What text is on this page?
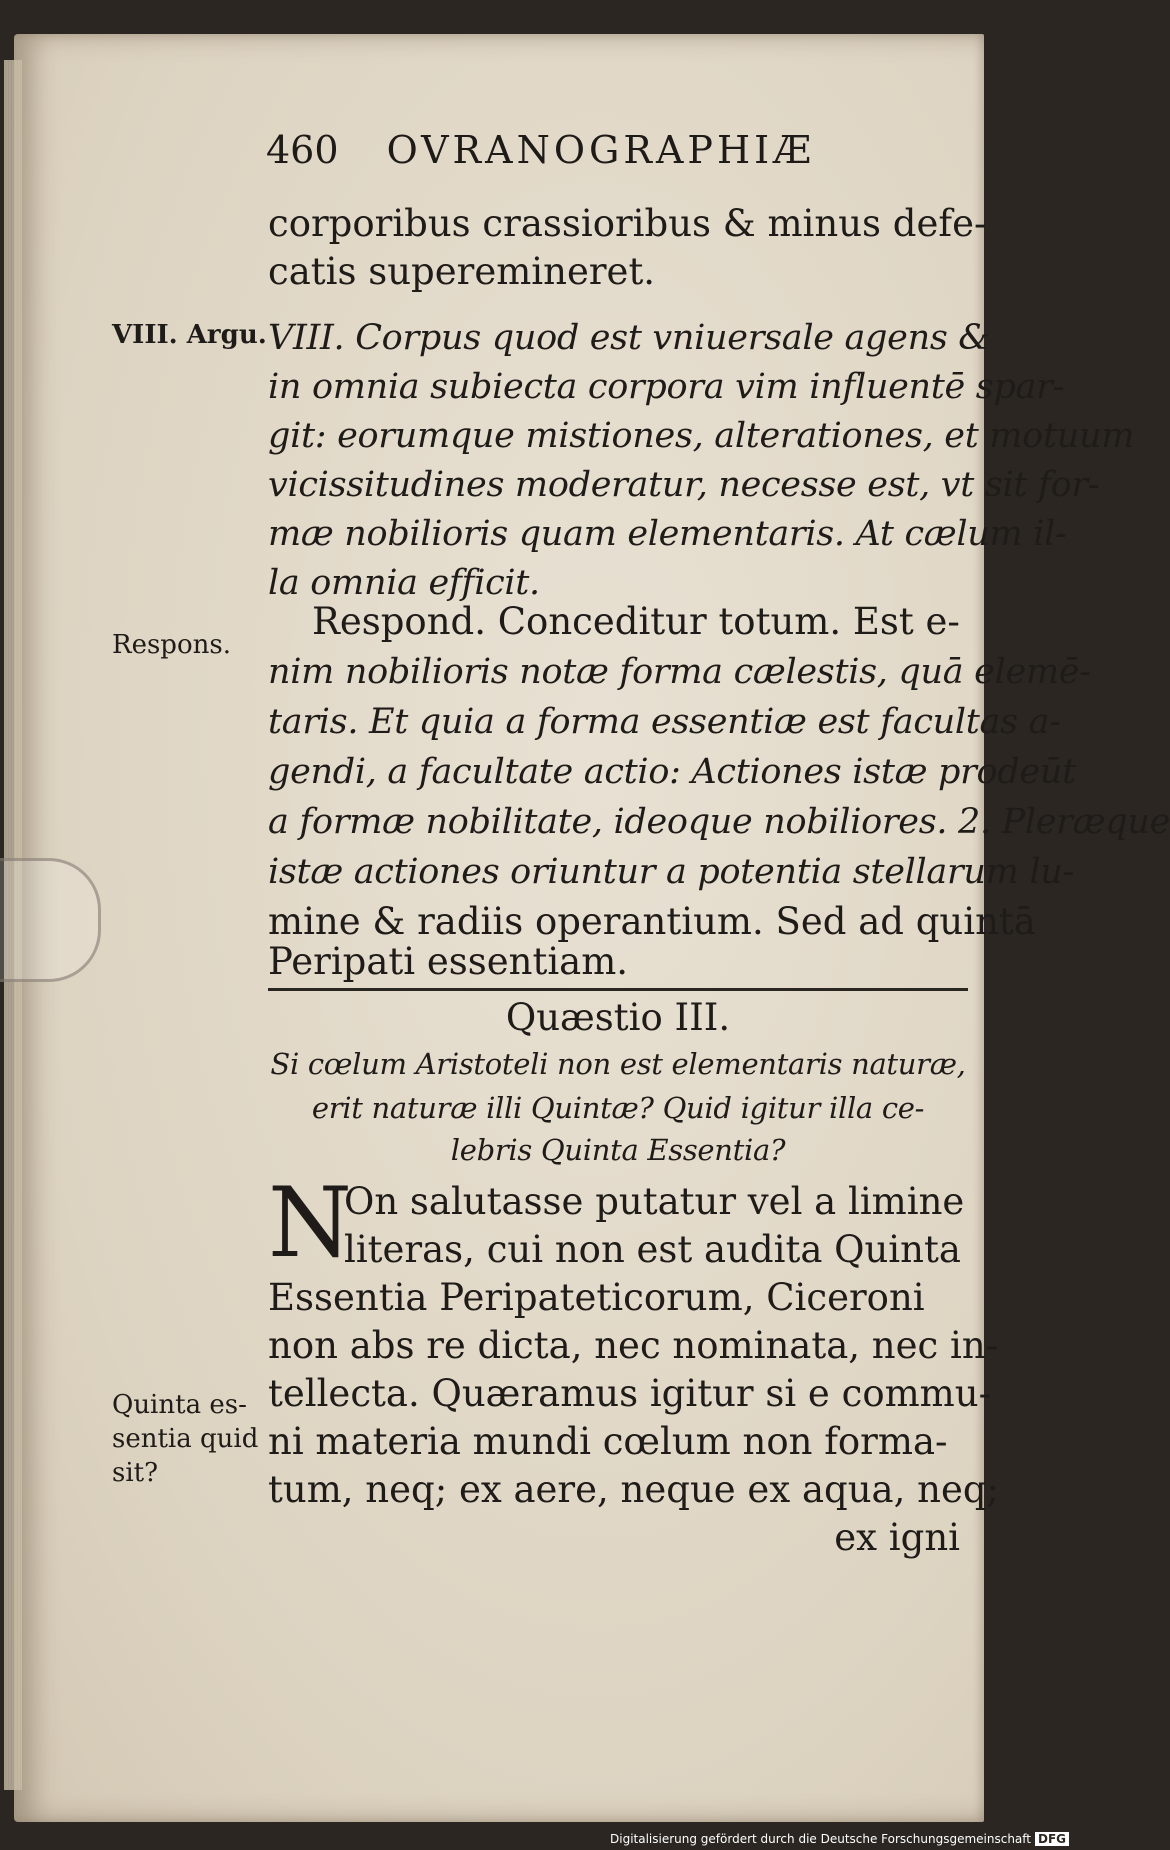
460 OVRANOGRAPHIÆ
corporibus crassioribus & minus defe-
catis superemineret.
VIII. Argu. VIII. Corpus quod est vniuersale agens &
in omnia subiecta corpora vim influentē spar-
git: eorumque mistiones, alterationes, et motuum
vicissitudines moderatur, necesse est, vt sit for-
mæ nobilioris quam elementaris. At cælum il-
la omnia efficit.
Respons.
Respond. Conceditur totum. Est e-
nim nobilioris notæ forma cælestis, quā elemē-
taris. Et quia a forma essentiæ est facultas a-
gendi, a facultate actio: Actiones istæ prodeūt
a formæ nobilitate, ideoque nobiliores. 2. Pleræque
istæ actiones oriuntur a potentia stellarum lu-
mine & radiis operantium. Sed ad quintā
Peripati essentiam.
Quæstio III.
Si cœlum Aristoteli non est elementaris naturæ,
erit naturæ illi Quintæ? Quid igitur illa ce-
lebris Quinta Essentia?
N
On salutasse putatur vel a limine
literas, cui non est audita Quinta
Essentia Peripateticorum, Ciceroni
non abs re dicta, nec nominata, nec in-
tellecta. Quæramus igitur si e commu-
ni materia mundi cœlum non forma-
tum, neq; ex aere, neque ex aqua, neq;
ex igni
Quinta es-
sentia quid
sit?
Digitalisierung gefördert durch die Deutsche Forschungsgemeinschaft DFG
